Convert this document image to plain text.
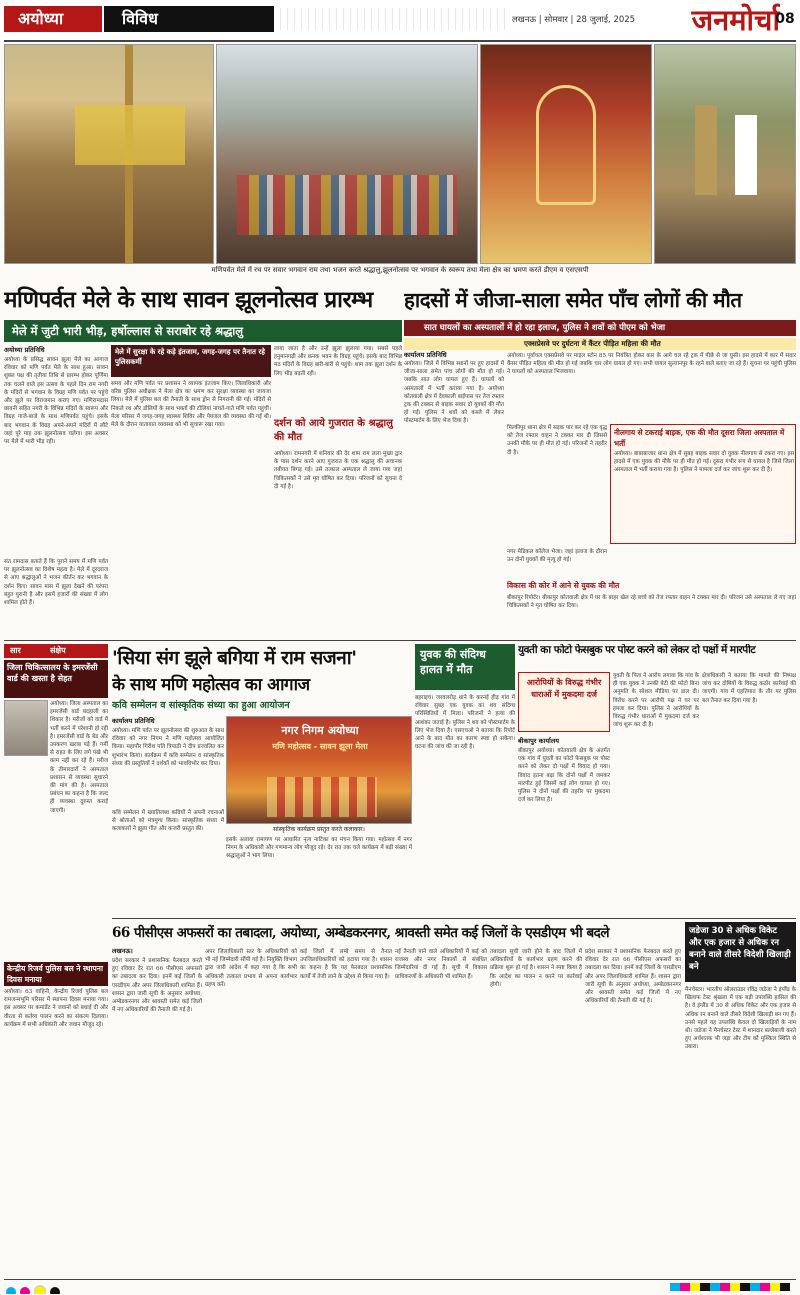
अयोध्या	विविध	लखनऊ | सोमवार | 28 जुलाई, 2025	जनमोर्चा
08
मणिपर्वत मेले में रथ पर सवार भगवान राम तथा भजन करते श्रद्धालु,झूलनोत्सव पर भगवान के स्वरूप तथा मेला क्षेत्र का भ्रमण करते डीएम व एसएसपी
मणिपर्वत मेले के साथ सावन झूलनोत्सव प्रारम्भ
मेले में जुटी भारी भीड़, हर्षोल्लास से सराबोर रहे श्रद्धालु
हादसों में जीजा-साला समेत पाँच लोगों की मौत
सात घायलों का अस्पतालों में हो रहा इलाज, पुलिस ने शवों को पीएम को भेजा
अयोध्या प्रतिनिधि
अयोध्या के प्रसिद्ध सावन झूला मेले का आगाज रविवार को मणि पर्वत मेले के साथ हुआ। सावन शुक्ल पक्ष की तृतीया तिथि से प्रारम्भ होकर पूर्णिमा तक चलने वाले इस उत्सव के पहले दिन राम नगरी के मंदिरों से भगवान के विग्रह मणि पर्वत पर पहुंचे और झूले पर विराजमान कराए गए। मणिरामदास छावनी सहित नगरी के विभिन्न मंदिरों के स्वरूप और विग्रह गाजे-बाजे के साथ मणिपर्वत पहुंचे। इसके बाद भगवान के विग्रह अपने-अपने मंदिरों में लौटे जहां पूरे माह तक झूलनोत्सव चलेगा। इस अवसर पर मेले में भारी भीड़ रही।
संत रामदास बताते हैं कि पुराने समय में मणि पर्वत पर झूलनोत्सव का विशेष महत्व है। मेले में दूरदराज से आए श्रद्धालुओं ने भजन कीर्तन कर भगवान के दर्शन किए। सावन मास में झूला देखने की परंपरा बहुत पुरानी है और इसमें हजारों की संख्या में लोग शामिल होते हैं।
मेले में सुरक्षा के रहे कड़े इंतजाम, जगह-जगह पर तैनात रहे पुलिसकर्मी
समय और मणि पर्वत पर प्रशासन ने व्यापक इंतजाम किए। जिलाधिकारी और वरिष्ठ पुलिस अधीक्षक ने मेला क्षेत्र का भ्रमण कर सुरक्षा व्यवस्था का जायजा लिया। मेले में पुलिस बल की तैनाती के साथ ड्रोन से निगरानी की गई। मंदिरों से निकले रथ और डोलियों के साथ भक्तों की टोलियां नाचते-गाते मणि पर्वत पहुंचीं। मेला परिसर में जगह-जगह स्वास्थ्य शिविर और पेयजल की व्यवस्था की गई थी। मेले के दौरान यातायात व्यवस्था को भी सुचारू रखा गया।
लाया जाता है और उन्हें झूला झुलाया गया। सबसे पहले हनुमानगढ़ी और कनक भवन के विग्रह पहुंचे। इसके बाद विभिन्न मठ मंदिरों के विग्रह बारी-बारी से पहुंचे। शाम तक झूला दर्शन के लिए भीड़ बढ़ती रही।
दर्शन को आये गुजरात के श्रद्धालु की मौत
अयोध्या। रामनगरी में शनिवार की देर शाम राम लला मुख्य द्वार के पास दर्शन करने आए गुजरात के एक श्रद्धालु की अचानक तबीयत बिगड़ गई। उसे तत्काल अस्पताल ले जाया गया जहां चिकित्सकों ने उसे मृत घोषित कर दिया। परिजनों को सूचना दे दी गई है।
एक्सप्रेसवे पर दुर्घटना में कैंटर पीड़ित महिला की मौत
कार्यालय प्रतिनिधि
अयोध्या। जिले में विभिन्न स्थानों पर हुए हादसों में जीजा-साला समेत पांच लोगों की मौत हो गई। जबकि सात लोग घायल हुए हैं। घायलों को अस्पतालों में भर्ती कराया गया है। अयोध्या कोतवाली क्षेत्र में देवकाली बाईपास पर तेज रफ्तार ट्रक की टक्कर से बाइक सवार दो युवकों की मौत हो गई। पुलिस ने शवों को कब्जे में लेकर पोस्टमार्टम के लिए भेज दिया है।
अयोध्या। पूर्वांचल एक्सप्रेसवे पर माइल स्टोन 85 पर नियंत्रित होकर कार के आगे चल रहे ट्रक में पीछे से जा घुसी। इस हादसे में कार में सवार कैंसर पीड़ित महिला की मौत हो गई जबकि चार लोग घायल हो गए। सभी घायल सुल्तानपुर के रहने वाले बताए जा रहे हैं। सूचना पर पहुंची पुलिस ने घायलों को अस्पताल भिजवाया।
मिल्कीपुर थाना क्षेत्र में सड़क पार कर रहे एक वृद्ध को तेज रफ्तार वाहन ने टक्कर मार दी जिससे उनकी मौके पर ही मौत हो गई। परिजनों ने तहरीर दी है।
नीलगाय से टकराई बाइक, एक की मौत दूसरा जिला अस्पताल में भर्ती
अयोध्या। बाबाबाजार थाना क्षेत्र में सुबह बाइक सवार दो युवक नीलगाय से टकरा गए। इस हादसे में एक युवक की मौके पर ही मौत हो गई। दूसरा गंभीर रूप से घायल है जिसे जिला अस्पताल में भर्ती कराया गया है। पुलिस ने मामला दर्ज कर जांच शुरू कर दी है।
नगर मेडिकल कॉलेज भेजा। जहां इलाज के दौरान उन दोनों युवकों की मृत्यु हो गई।
विकास की कोर में आने से युवक की मौत
बीकापुर रिपोर्टर। बीकापुर कोतवाली क्षेत्र में घर के बाहर खेल रहे बच्चे को तेज रफ्तार वाहन ने टक्कर मार दी। परिजन उसे अस्पताल ले गए जहां चिकित्सकों ने मृत घोषित कर दिया।
सार	संक्षेप
जिला चिकित्सालय के इमरजेंसी वार्ड की खस्ता है सेहत
अयोध्या। जिला अस्पताल का इमरजेंसी वार्ड बदहाली का शिकार है। मरीजों को वार्ड में भर्ती करने में परेशानी हो रही है। इमरजेंसी वार्ड के बेड और उपकरण खराब पड़े हैं। गर्मी से राहत के लिए लगे पंखे भी काम नहीं कर रहे हैं। मरीज के तीमारदारों ने अस्पताल प्रशासन से व्यवस्था सुधारने की मांग की है। अस्पताल प्रबंधन का कहना है कि जल्द ही व्यवस्था दुरुस्त कराई जाएगी।
केन्द्रीय रिजर्व पुलिस बल ने स्थापना दिवस मनाया
अयोध्या। 63 वाहिनी, केन्द्रीय रिजर्व पुलिस बल रामजन्मभूमि परिसर में स्थापना दिवस मनाया गया। इस अवसर पर कमांडेंट ने जवानों को बधाई दी और वीरता से कर्तव्य पालन करने का संकल्प दिलाया। कार्यक्रम में सभी अधिकारी और जवान मौजूद रहे।
'सिया संग झूले बगिया में राम सजना'
के साथ मणि महोत्सव का आगाज
कवि सम्मेलन व सांस्कृतिक संध्या का हुआ आयोजन
कार्यालय प्रतिनिधि
अयोध्या। मणि पर्वत पर झूलनोत्सव की शुरुआत के साथ रविवार को नगर निगम ने मणि महोत्सव आयोजित किया। महापौर गिरीश पति त्रिपाठी ने दीप प्रज्वलित कर शुभारंभ किया। कार्यक्रम में कवि सम्मेलन व सांस्कृतिक संध्या की प्रस्तुतियों ने दर्शकों को भावविभोर कर दिया।
नगर निगम अयोध्या
मणि महोत्सव - सावन झूला मेला
सांस्कृतिक कार्यक्रम प्रस्तुत करते कलाकार।
कवि सम्मेलन में ख्यातिलब्ध कवियों ने अपनी रचनाओं से श्रोताओं को मंत्रमुग्ध किया। सांस्कृतिक संध्या में कलाकारों ने झूला गीत और कजरी प्रस्तुत की।
इसके अलावा रामायण पर आधारित नृत्य नाटिका का मंचन किया गया। महोत्सव में नगर निगम के अधिकारी और गणमान्य लोग मौजूद रहे। देर रात तक चले कार्यक्रम में बड़ी संख्या में श्रद्धालुओं ने भाग लिया।
युवक की संदिग्ध हालत में मौत
बहराइच। जरवलरोड़ थाने के करनई हीड़ गांव में रविवार सुबह एक युवक का शव संदिग्ध परिस्थितियों में मिला। परिजनों ने हत्या की आशंका जताई है। पुलिस ने शव को पोस्टमार्टम के लिए भेज दिया है। एसएचओ ने बताया कि रिपोर्ट आने के बाद मौत का कारण स्पष्ट हो सकेगा। घटना की जांच की जा रही है।
युवती का फोटो फेसबुक पर पोस्ट करने को लेकर दो पक्षों में मारपीट
आरोपियों के विरुद्ध गंभीर धाराओं में मुकदमा दर्ज
बीकापुर कार्यालय
बीकापुर अयोध्या। कोतवाली क्षेत्र के अंतर्गत एक गांव में युवती का फोटो फेसबुक पर पोस्ट करने को लेकर दो पक्षों में विवाद हो गया। विवाद इतना बढ़ा कि दोनों पक्षों में जमकर मारपीट हुई जिसमें कई लोग घायल हो गए। पुलिस ने दोनों पक्षों की तहरीर पर मुकदमा दर्ज कर लिया है।
युवती के पिता ने आरोप लगाया कि गांव के ही एक युवक ने उनकी बेटी की फोटो बिना अनुमति के सोशल मीडिया पर डाल दी। विरोध करने पर आरोपी पक्ष ने घर पर हमला कर दिया। पुलिस ने आरोपियों के विरुद्ध गंभीर धाराओं में मुकदमा दर्ज कर जांच शुरू कर दी है।
क्षेत्राधिकारी ने बताया कि मामले की निष्पक्ष जांच कर दोषियों के विरुद्ध कठोर कार्रवाई की जाएगी। गांव में एहतियात के तौर पर पुलिस बल तैनात कर दिया गया है।
66 पीसीएस अफसरों का तबादला, अयोध्या, अम्बेडकरनगर, श्रावस्ती समेत कई जिलों के एसडीएम भी बदले
लखनऊ।
प्रदेश सरकार ने प्रशासनिक फेरबदल करते हुए रविवार देर रात 66 पीसीएस अफसरों का तबादला कर दिया। इनमें कई जिलों के एसडीएम और अपर जिलाधिकारी शामिल हैं। शासन द्वारा जारी सूची के अनुसार अयोध्या, अम्बेडकरनगर और श्रावस्ती समेत कई जिलों में नए अधिकारियों की तैनाती की गई है।
अपर जिलाधिकारी स्तर के अधिकारियों को भी नई जिम्मेदारी सौंपी गई है। नियुक्ति विभाग द्वारा जारी आदेश में कहा गया है कि सभी अधिकारी तत्काल प्रभाव से अपना कार्यभार ग्रहण करें।
कई जिलों में लम्बे समय से तैनात उपजिलाधिकारियों को हटाया गया है। शासन का कहना है कि यह फेरबदल प्रशासनिक कार्यों में तेजी लाने के उद्देश्य से किया गया है।
नई तैनाती पाने वाले अधिकारियों में कई को राजस्व और नगर निकायों से संबंधित जिम्मेदारियां दी गई हैं। सूची में विकास प्राधिकरणों के अधिकारी भी शामिल हैं।
तबादला सूची जारी होने के बाद जिलों में अधिकारियों के कार्यभार ग्रहण करने की प्रक्रिया शुरू हो गई है। शासन ने स्पष्ट किया है कि आदेश का पालन न करने पर कार्रवाई होगी।
प्रदेश सरकार ने प्रशासनिक फेरबदल करते हुए रविवार देर रात 66 पीसीएस अफसरों का तबादला कर दिया। इनमें कई जिलों के एसडीएम और अपर जिलाधिकारी शामिल हैं। शासन द्वारा जारी सूची के अनुसार अयोध्या, अम्बेडकरनगर और श्रावस्ती समेत कई जिलों में नए अधिकारियों की तैनाती की गई है।
जडेजा 30 से अधिक विकेट और एक हजार से अधिक रन बनाने वाले तीसरे विदेशी खिलाड़ी बने
मैनचेस्टर। भारतीय ऑलराउंडर रविंद्र जडेजा ने इंग्लैंड के खिलाफ टेस्ट श्रृंखला में एक बड़ी उपलब्धि हासिल की है। वे इंग्लैंड में 30 से अधिक विकेट और एक हजार से अधिक रन बनाने वाले तीसरे विदेशी खिलाड़ी बन गए हैं। उनसे पहले यह उपलब्धि केवल दो खिलाड़ियों के नाम थी। जडेजा ने मैनचेस्टर टेस्ट में शानदार बल्लेबाजी करते हुए अर्धशतक भी जड़ा और टीम को मुश्किल स्थिति से उबारा।
